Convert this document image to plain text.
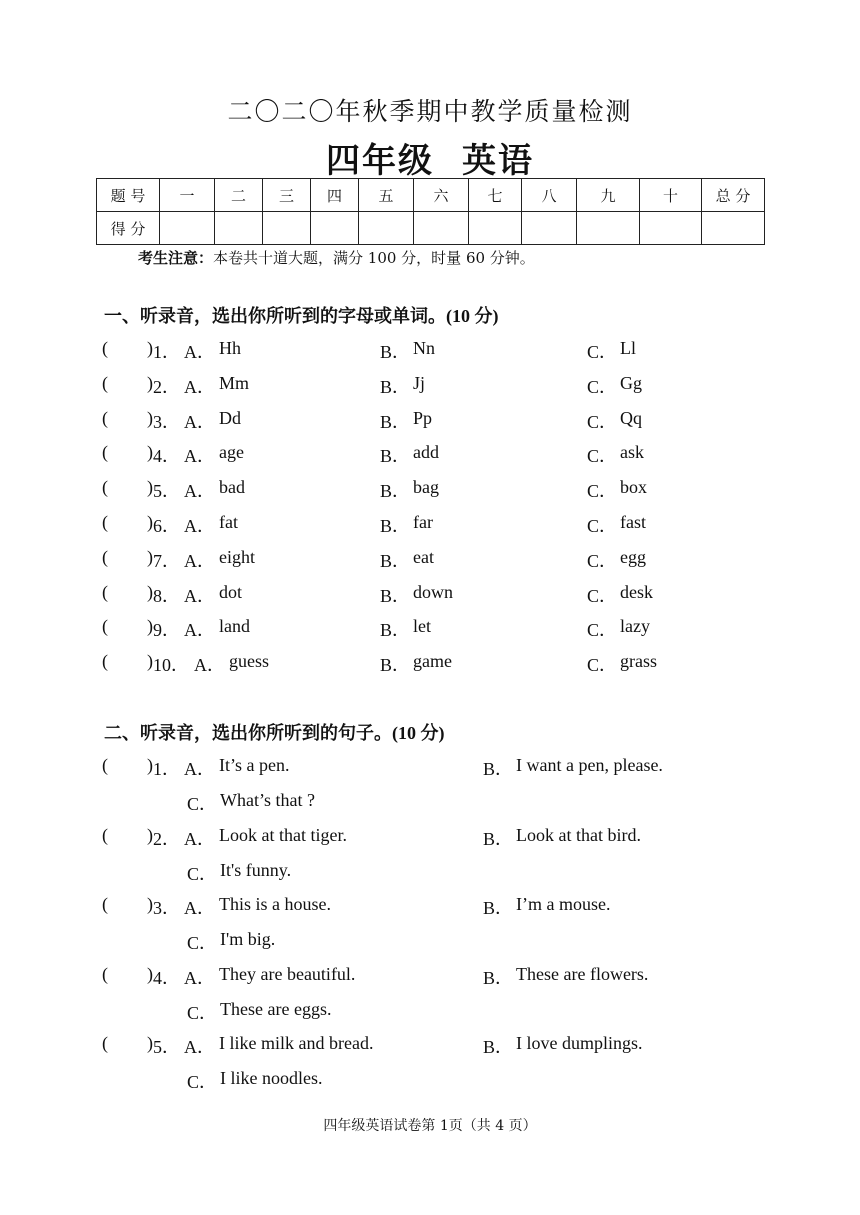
二〇二〇年秋季期中教学质量检测
四年级 英语
题 号	一	二	三	四	五	六	七	八	九	十	总 分
得 分											
考生注意：本卷共十道大题，满分 100 分，时量 60 分钟。
一、听录音，选出你所听到的字母或单词。(10 分)
( ) 1． A． Hh	B． Nn	C． Ll
( ) 2． A． Mm	B． Jj	C． Gg
( ) 3． A． Dd	B． Pp	C． Qq
( ) 4． A． age	B． add	C． ask
( ) 5． A． bad	B． bag	C． box
( ) 6． A． fat	B． far	C． fast
( ) 7． A． eight	B． eat	C． egg
( ) 8． A． dot	B． down	C． desk
( ) 9． A． land	B． let	C． lazy
( ) 10． A． guess	B． game	C． grass
二、听录音，选出你所听到的句子。(10 分)
( ) 1． A． It’s a pen.	B． I want a pen, please.
C． What’s that ?
( ) 2． A． Look at that tiger.	B． Look at that bird.
C． It's funny.
( ) 3． A． This is a house.	B． I’m a mouse.
C． I'm big.
( ) 4． A． They are beautiful.	B． These are flowers.
C． These are eggs.
( ) 5． A． I like milk and bread.	B． I love dumplings.
C． I like noodles.
四年级英语试卷第 1页（共 4 页）
